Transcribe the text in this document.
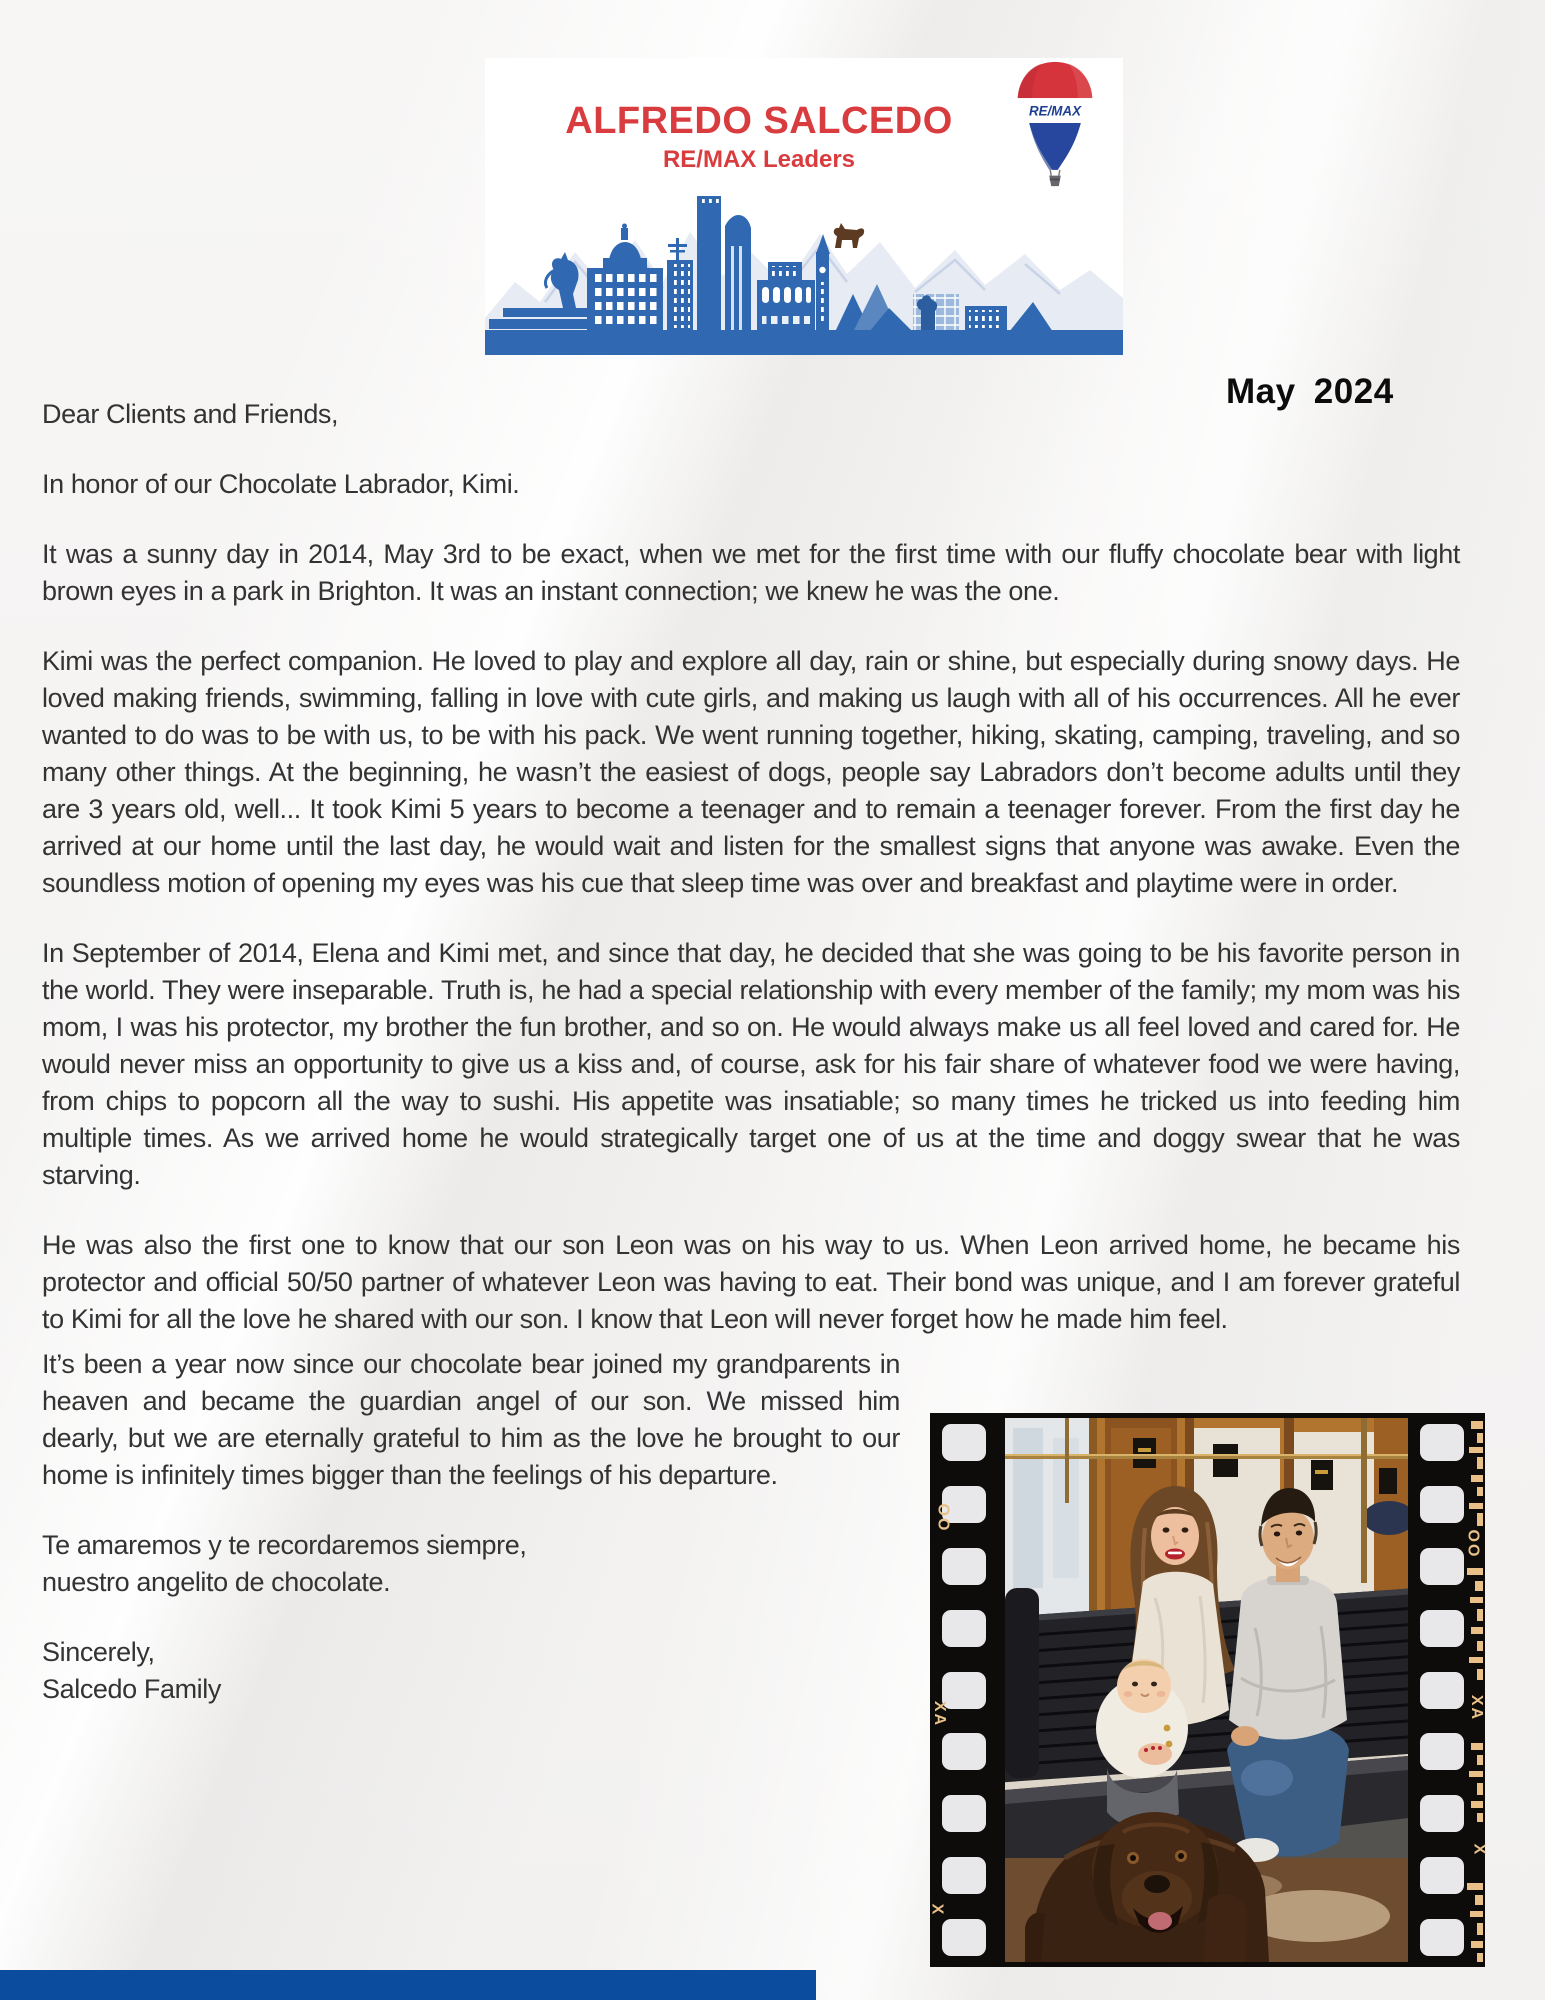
ALFREDO SALCEDO
RE/MAX Leaders
RE/MAX
May 2024

Dear Clients and Friends,

In honor of our Chocolate Labrador, Kimi.

It was a sunny day in 2014, May 3rd to be exact, when we met for the first time with our fluffy chocolate bear with light brown eyes in a park in Brighton. It was an instant connection; we knew he was the one.

Kimi was the perfect companion. He loved to play and explore all day, rain or shine, but especially during snowy days. He loved making friends, swimming, falling in love with cute girls, and making us laugh with all of his occurrences. All he ever wanted to do was to be with us, to be with his pack. We went running together, hiking, skating, camping, traveling, and so many other things. At the beginning, he wasn’t the easiest of dogs, people say Labradors don’t become adults until they are 3 years old, well... It took Kimi 5 years to become a teenager and to remain a teenager forever. From the first day he arrived at our home until the last day, he would wait and listen for the smallest signs that anyone was awake. Even the soundless motion of opening my eyes was his cue that sleep time was over and breakfast and playtime were in order.

In September of 2014, Elena and Kimi met, and since that day, he decided that she was going to be his favorite person in the world. They were inseparable. Truth is, he had a special relationship with every member of the family; my mom was his mom, I was his protector, my brother the fun brother, and so on. He would always make us all feel loved and cared for. He would never miss an opportunity to give us a kiss and, of course, ask for his fair share of whatever food we were having, from chips to popcorn all the way to sushi. His appetite was insatiable; so many times he tricked us into feeding him multiple times. As we arrived home he would strategically target one of us at the time and doggy swear that he was starving.

He was also the first one to know that our son Leon was on his way to us. When Leon arrived home, he became his protector and official 50/50 partner of whatever Leon was having to eat. Their bond was unique, and I am forever grateful to Kimi for all the love he shared with our son. I know that Leon will never forget how he made him feel.

It’s been a year now since our chocolate bear joined my grandparents in heaven and became the guardian angel of our son. We missed him dearly, but we are eternally grateful to him as the love he brought to our home is infinitely times bigger than the feelings of his departure.

Te amaremos y te recordaremos siempre,
nuestro angelito de chocolate.

Sincerely,
Salcedo Family

OO
XA
X
OO
XA
X
